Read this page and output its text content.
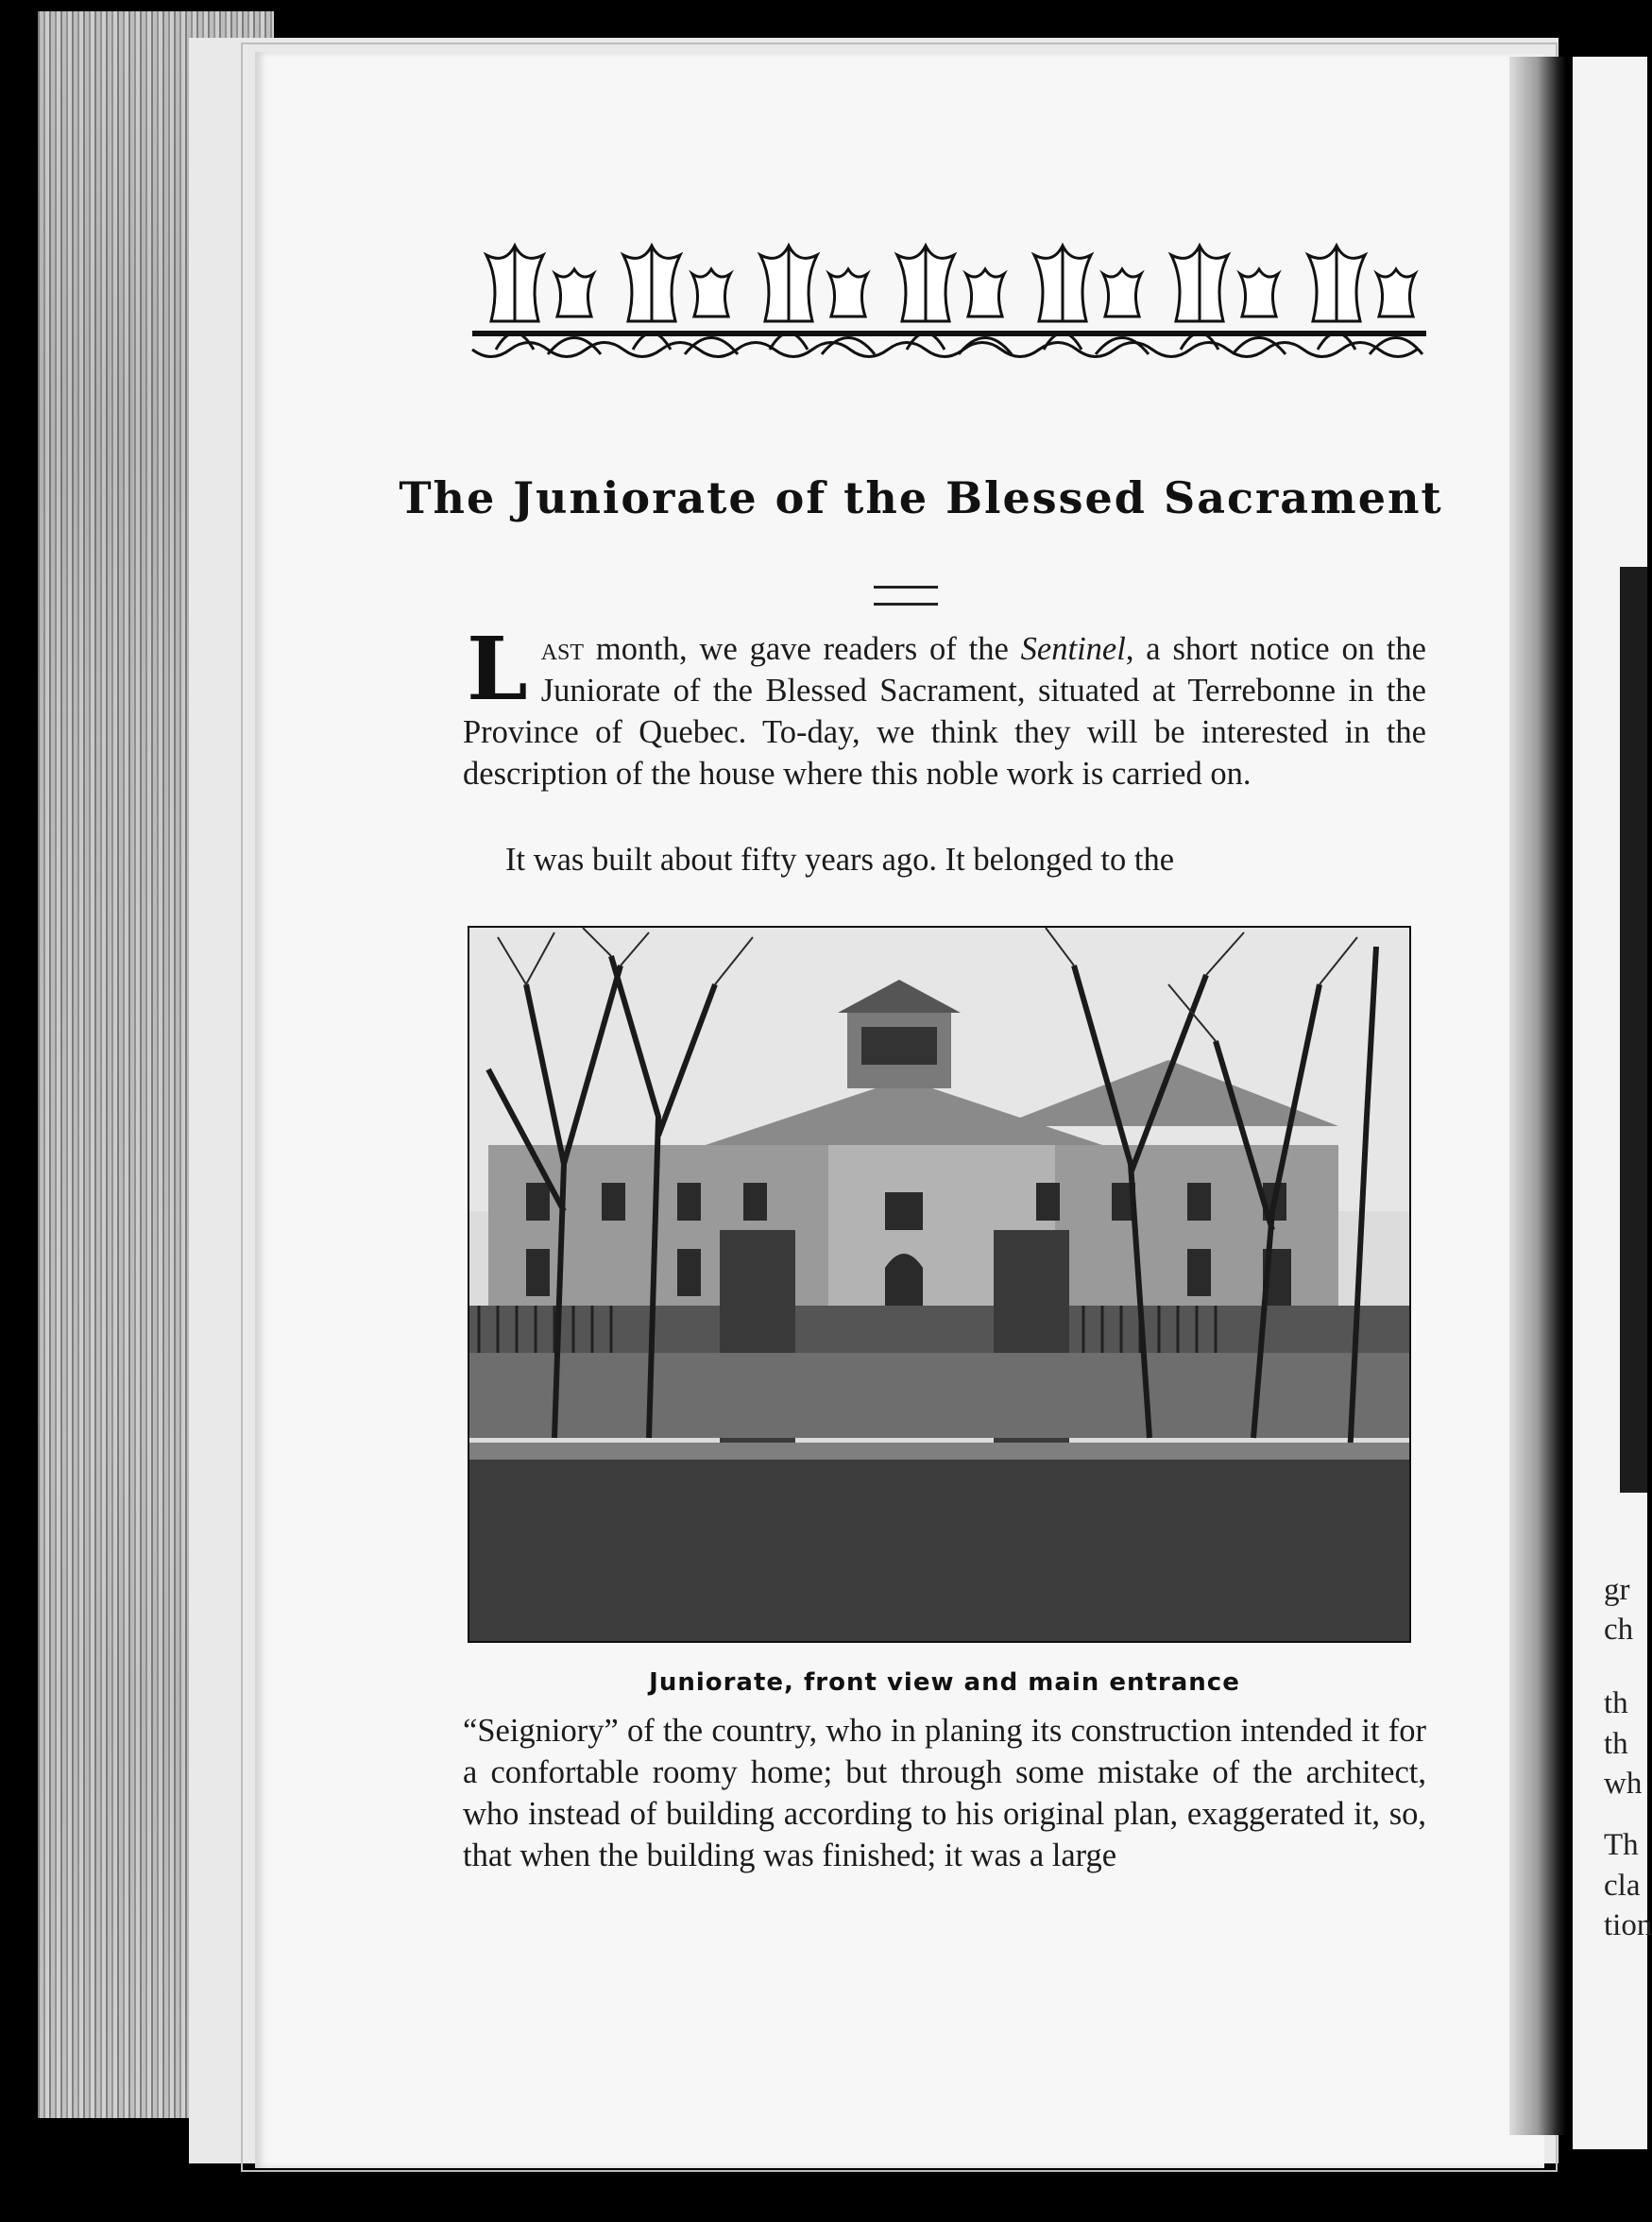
gr
ch
th
th
wh
Th
cla
tion
The Juniorate of the Blessed Sacrament
Last month, we gave readers of the Sentinel, a short notice on the Juniorate of the Blessed Sacrament, situated at Terrebonne in the Province of Quebec. To-day, we think they will be interested in the description of the house where this noble work is carried on.
It was built about fifty years ago. It belonged to the
Juniorate, front view and main entrance
“Seigniory” of the country, who in planing its construction intended it for a confortable roomy home; but through some mistake of the architect, who instead of building according to his original plan, exaggerated it, so, that when the building was finished; it was a large
